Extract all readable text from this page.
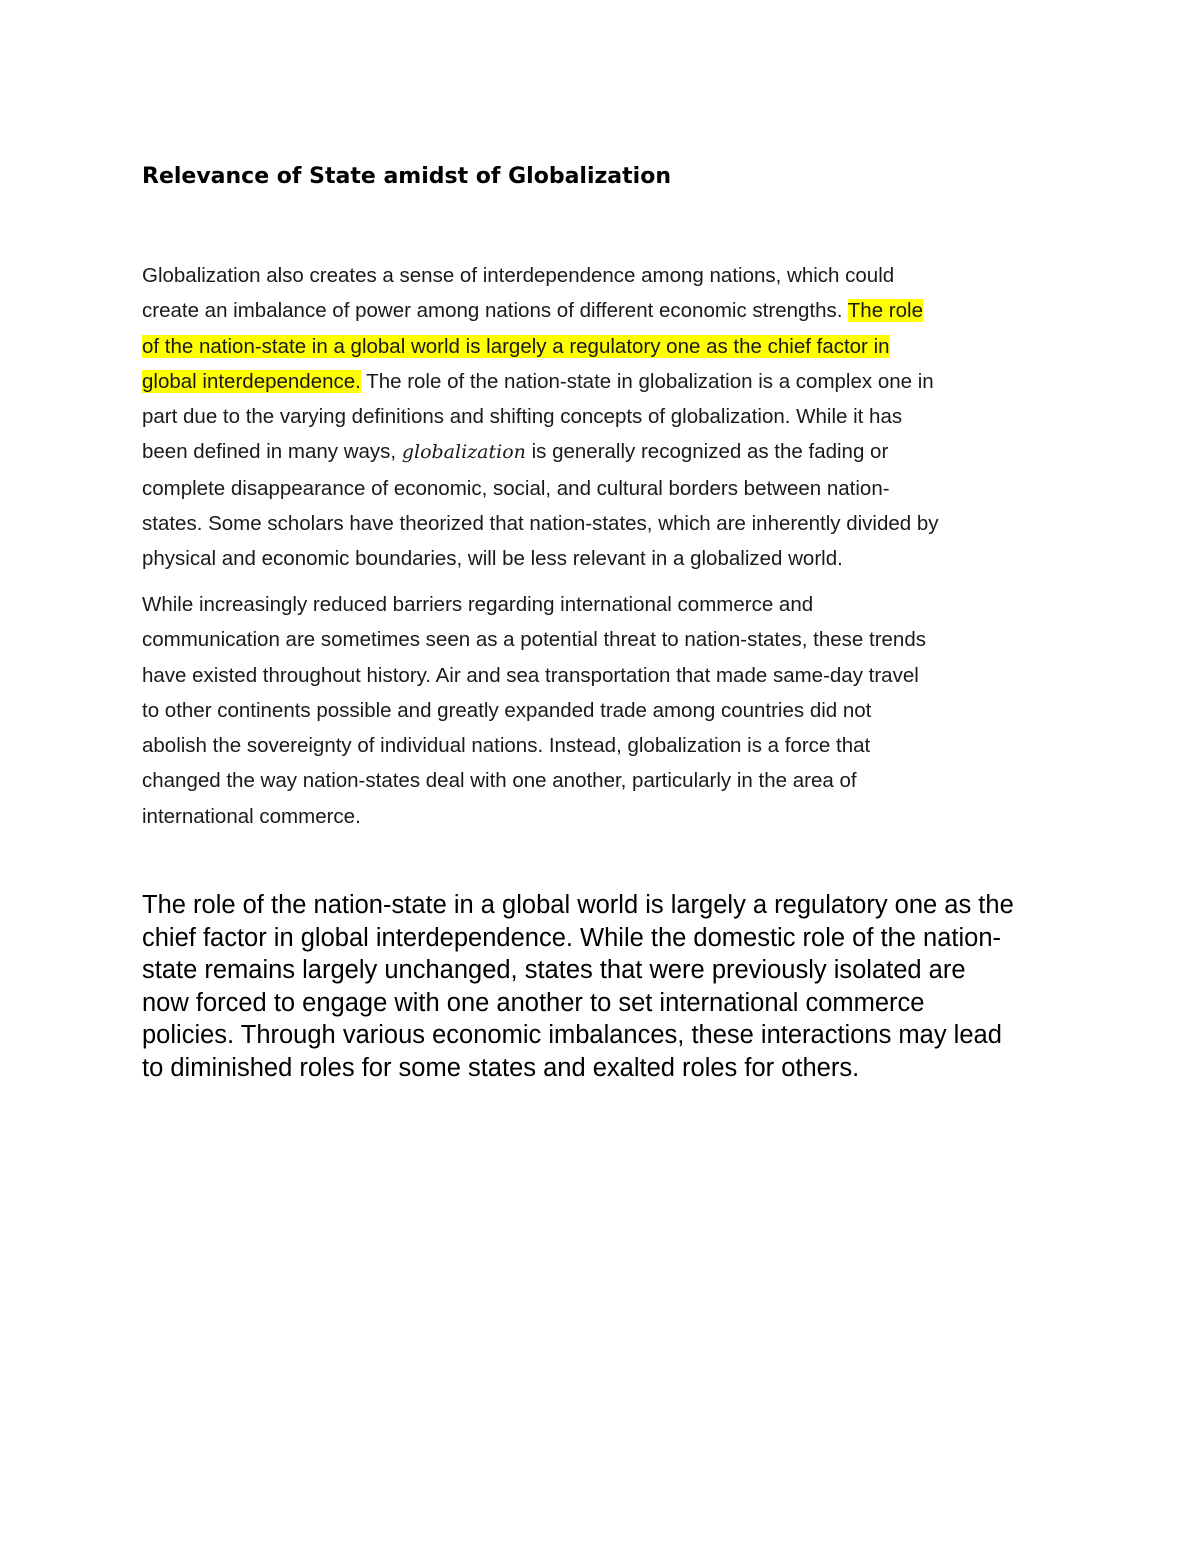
Relevance of State amidst of Globalization

Globalization also creates a sense of interdependence among nations, which could
create an imbalance of power among nations of different economic strengths. The role
of the nation-state in a global world is largely a regulatory one as the chief factor in
global interdependence. The role of the nation-state in globalization is a complex one in
part due to the varying definitions and shifting concepts of globalization. While it has
been defined in many ways, globalization is generally recognized as the fading or
complete disappearance of economic, social, and cultural borders between nation-
states. Some scholars have theorized that nation-states, which are inherently divided by
physical and economic boundaries, will be less relevant in a globalized world.

While increasingly reduced barriers regarding international commerce and
communication are sometimes seen as a potential threat to nation-states, these trends
have existed throughout history. Air and sea transportation that made same-day travel
to other continents possible and greatly expanded trade among countries did not
abolish the sovereignty of individual nations. Instead, globalization is a force that
changed the way nation-states deal with one another, particularly in the area of
international commerce.

The role of the nation-state in a global world is largely a regulatory one as the
chief factor in global interdependence. While the domestic role of the nation-
state remains largely unchanged, states that were previously isolated are
now forced to engage with one another to set international commerce
policies. Through various economic imbalances, these interactions may lead
to diminished roles for some states and exalted roles for others.
